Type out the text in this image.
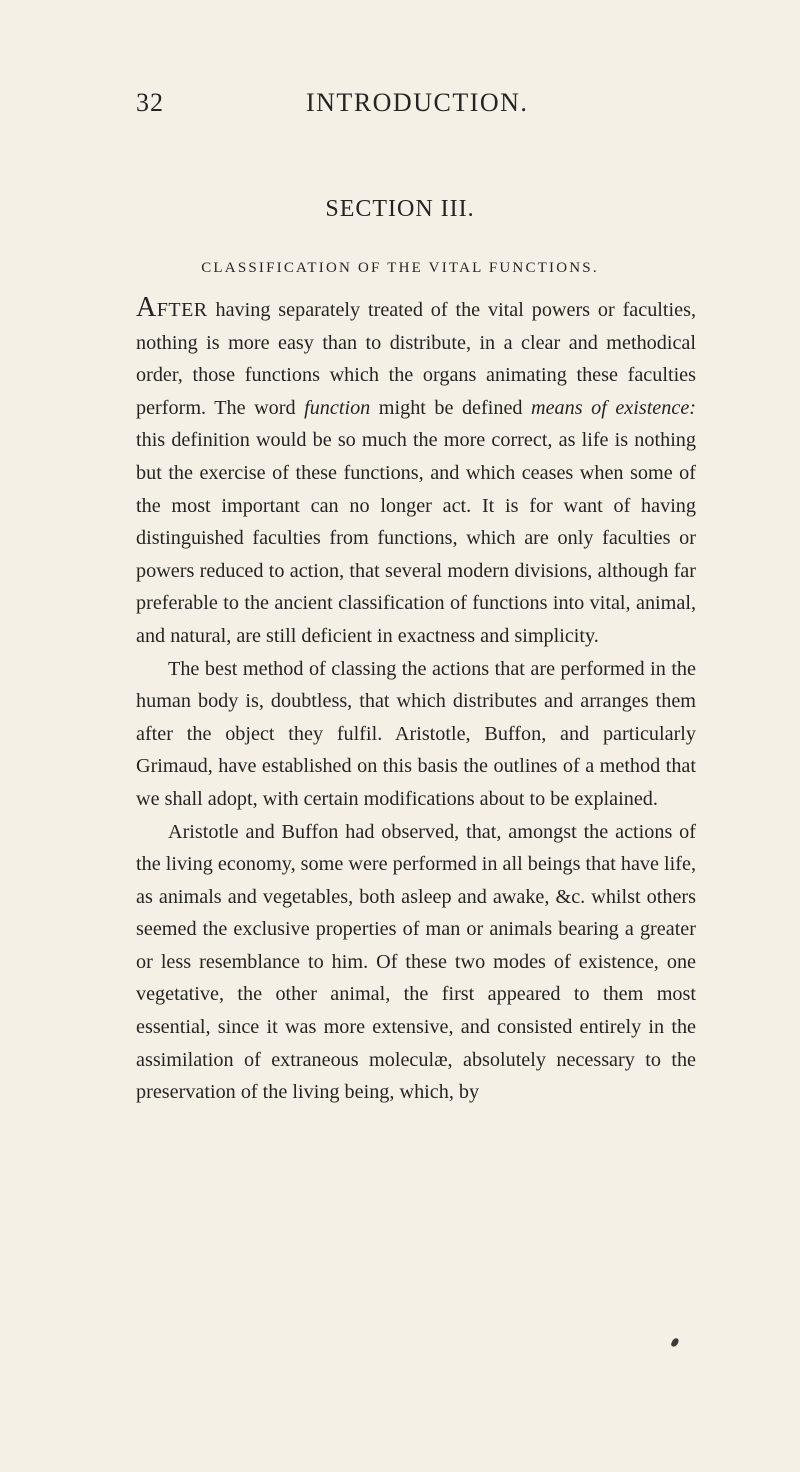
32	INTRODUCTION.
SECTION III.
CLASSIFICATION OF THE VITAL FUNCTIONS.

AFTER having separately treated of the vital powers or faculties, nothing is more easy than to distribute, in a clear and methodical order, those functions which the organs animating these faculties perform. The word function might be defined means of existence: this definition would be so much the more correct, as life is nothing but the exercise of these functions, and which ceases when some of the most important can no longer act. It is for want of having distinguished faculties from functions, which are only faculties or powers reduced to action, that several modern divisions, although far preferable to the ancient classification of functions into vital, animal, and natural, are still deficient in exactness and simplicity.

The best method of classing the actions that are performed in the human body is, doubtless, that which distributes and arranges them after the object they fulfil. Aristotle, Buffon, and particularly Grimaud, have established on this basis the outlines of a method that we shall adopt, with certain modifications about to be explained.

Aristotle and Buffon had observed, that, amongst the actions of the living economy, some were performed in all beings that have life, as animals and vegetables, both asleep and awake, &c. whilst others seemed the exclusive properties of man or animals bearing a greater or less resemblance to him. Of these two modes of existence, one vegetative, the other animal, the first appeared to them most essential, since it was more extensive, and consisted entirely in the assimilation of extraneous moleculæ, absolutely necessary to the preservation of the living being, which, by
